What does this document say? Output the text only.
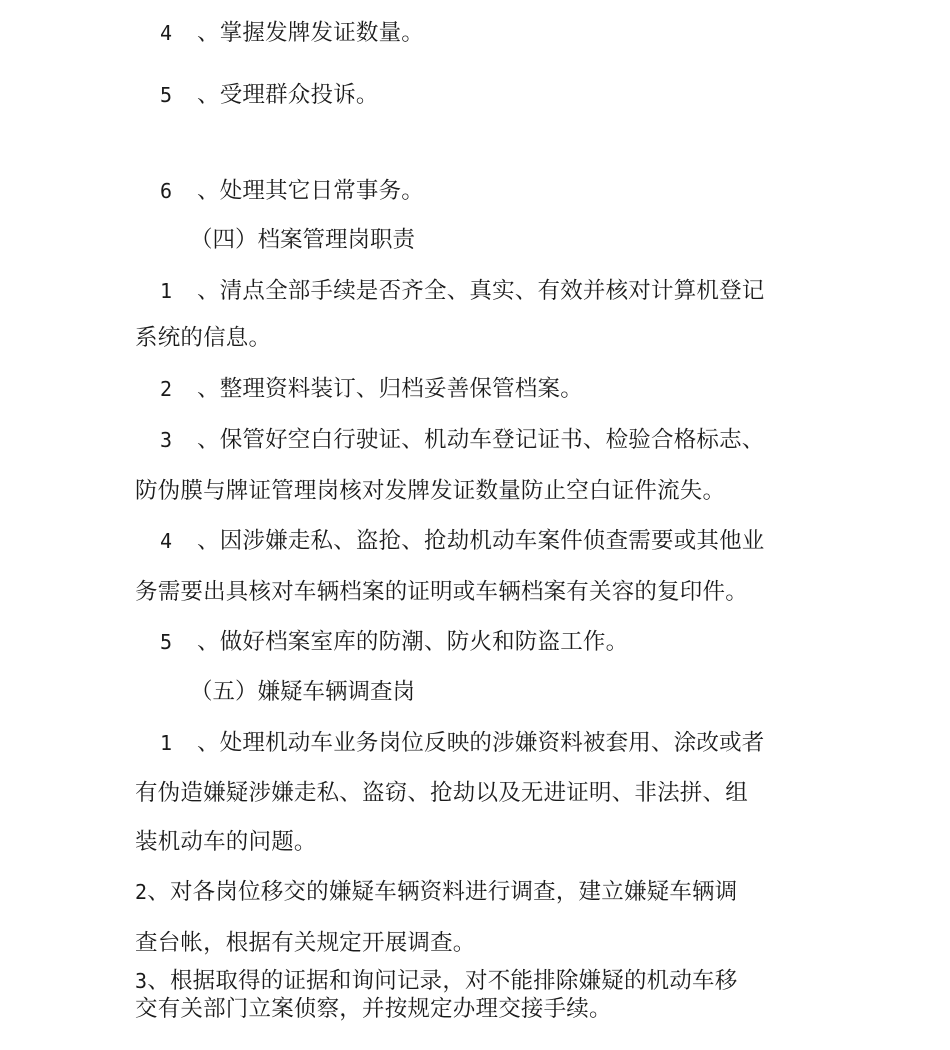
4 、掌握发牌发证数量。
5 、受理群众投诉。
6 、处理其它日常事务。
（四）档案管理岗职责
1 、清点全部手续是否齐全、真实、有效并核对计算机登记
系统的信息。
2 、整理资料装订、归档妥善保管档案。
3 、保管好空白行驶证、机动车登记证书、检验合格标志、
防伪膜与牌证管理岗核对发牌发证数量防止空白证件流失。
4 、因涉嫌走私、盗抢、抢劫机动车案件侦查需要或其他业
务需要出具核对车辆档案的证明或车辆档案有关容的复印件。
5 、做好档案室库的防潮、防火和防盗工作。
（五）嫌疑车辆调查岗
1 、处理机动车业务岗位反映的涉嫌资料被套用、涂改或者
有伪造嫌疑涉嫌走私、盗窃、抢劫以及无进证明、非法拼、组
装机动车的问题。
2、对各岗位移交的嫌疑车辆资料进行调查，建立嫌疑车辆调
查台帐，根据有关规定开展调查。
3、根据取得的证据和询问记录，对不能排除嫌疑的机动车移
交有关部门立案侦察，并按规定办理交接手续。
